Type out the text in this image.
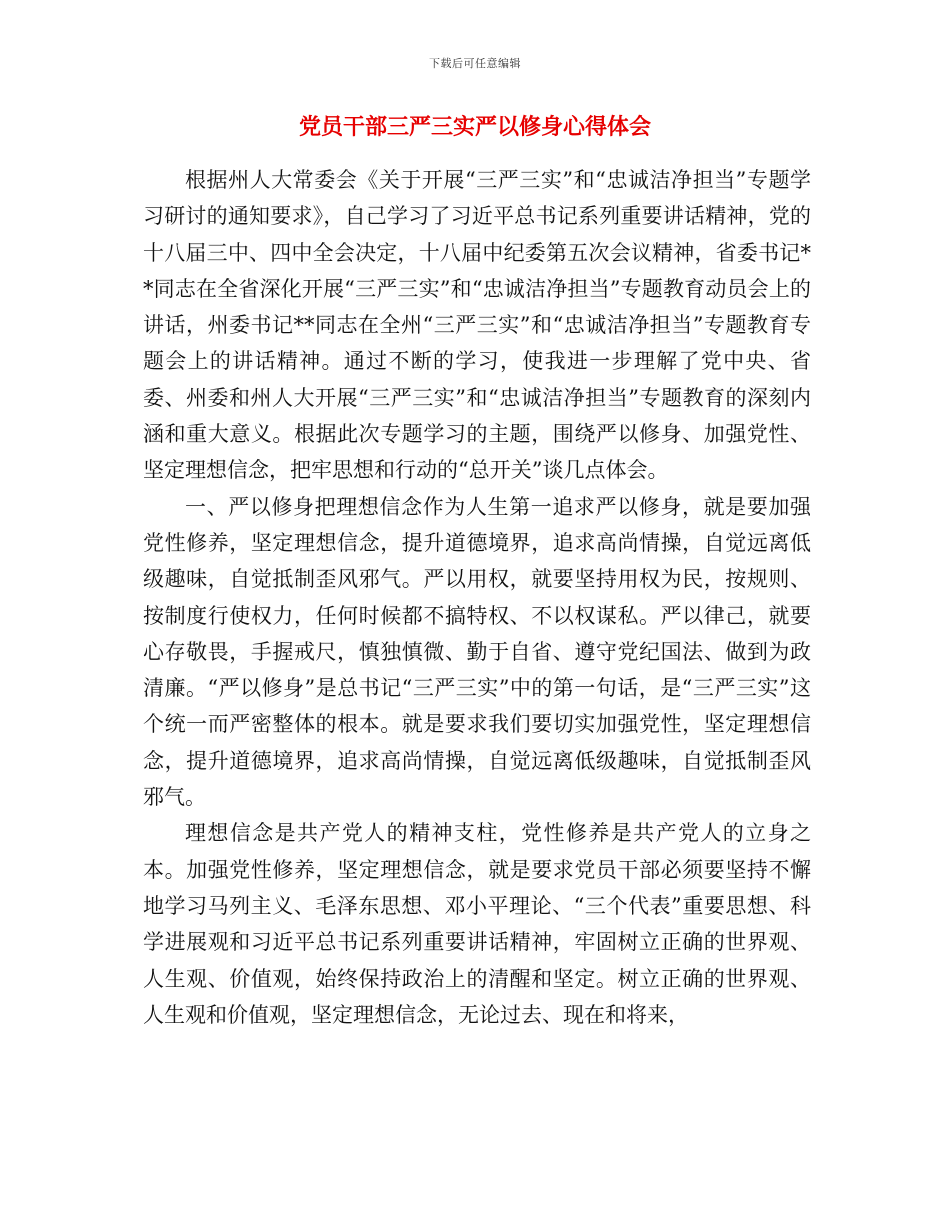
下载后可任意编辑
党员干部三严三实严以修身心得体会

根据州人大常委会《关于开展“三严三实”和“忠诚洁净担当”专题学习研讨的通知要求》，自己学习了习近平总书记系列重要讲话精神，党的十八届三中、四中全会决定，十八届中纪委第五次会议精神，省委书记**同志在全省深化开展“三严三实”和“忠诚洁净担当”专题教育动员会上的讲话，州委书记**同志在全州“三严三实”和“忠诚洁净担当”专题教育专题会上的讲话精神。通过不断的学习，使我进一步理解了党中央、省委、州委和州人大开展“三严三实”和“忠诚洁净担当”专题教育的深刻内涵和重大意义。根据此次专题学习的主题，围绕严以修身、加强党性、坚定理想信念，把牢思想和行动的“总开关”谈几点体会。

一、严以修身把理想信念作为人生第一追求严以修身，就是要加强党性修养，坚定理想信念，提升道德境界，追求高尚情操，自觉远离低级趣味，自觉抵制歪风邪气。严以用权，就要坚持用权为民，按规则、按制度行使权力，任何时候都不搞特权、不以权谋私。严以律己，就要心存敬畏，手握戒尺，慎独慎微、勤于自省、遵守党纪国法、做到为政清廉。“严以修身”是总书记“三严三实”中的第一句话，是“三严三实”这个统一而严密整体的根本。就是要求我们要切实加强党性，坚定理想信念，提升道德境界，追求高尚情操，自觉远离低级趣味，自觉抵制歪风邪气。

理想信念是共产党人的精神支柱，党性修养是共产党人的立身之本。加强党性修养，坚定理想信念，就是要求党员干部必须要坚持不懈地学习马列主义、毛泽东思想、邓小平理论、“三个代表”重要思想、科学进展观和习近平总书记系列重要讲话精神，牢固树立正确的世界观、人生观、价值观，始终保持政治上的清醒和坚定。树立正确的世界观、人生观和价值观，坚定理想信念，无论过去、现在和将来，
